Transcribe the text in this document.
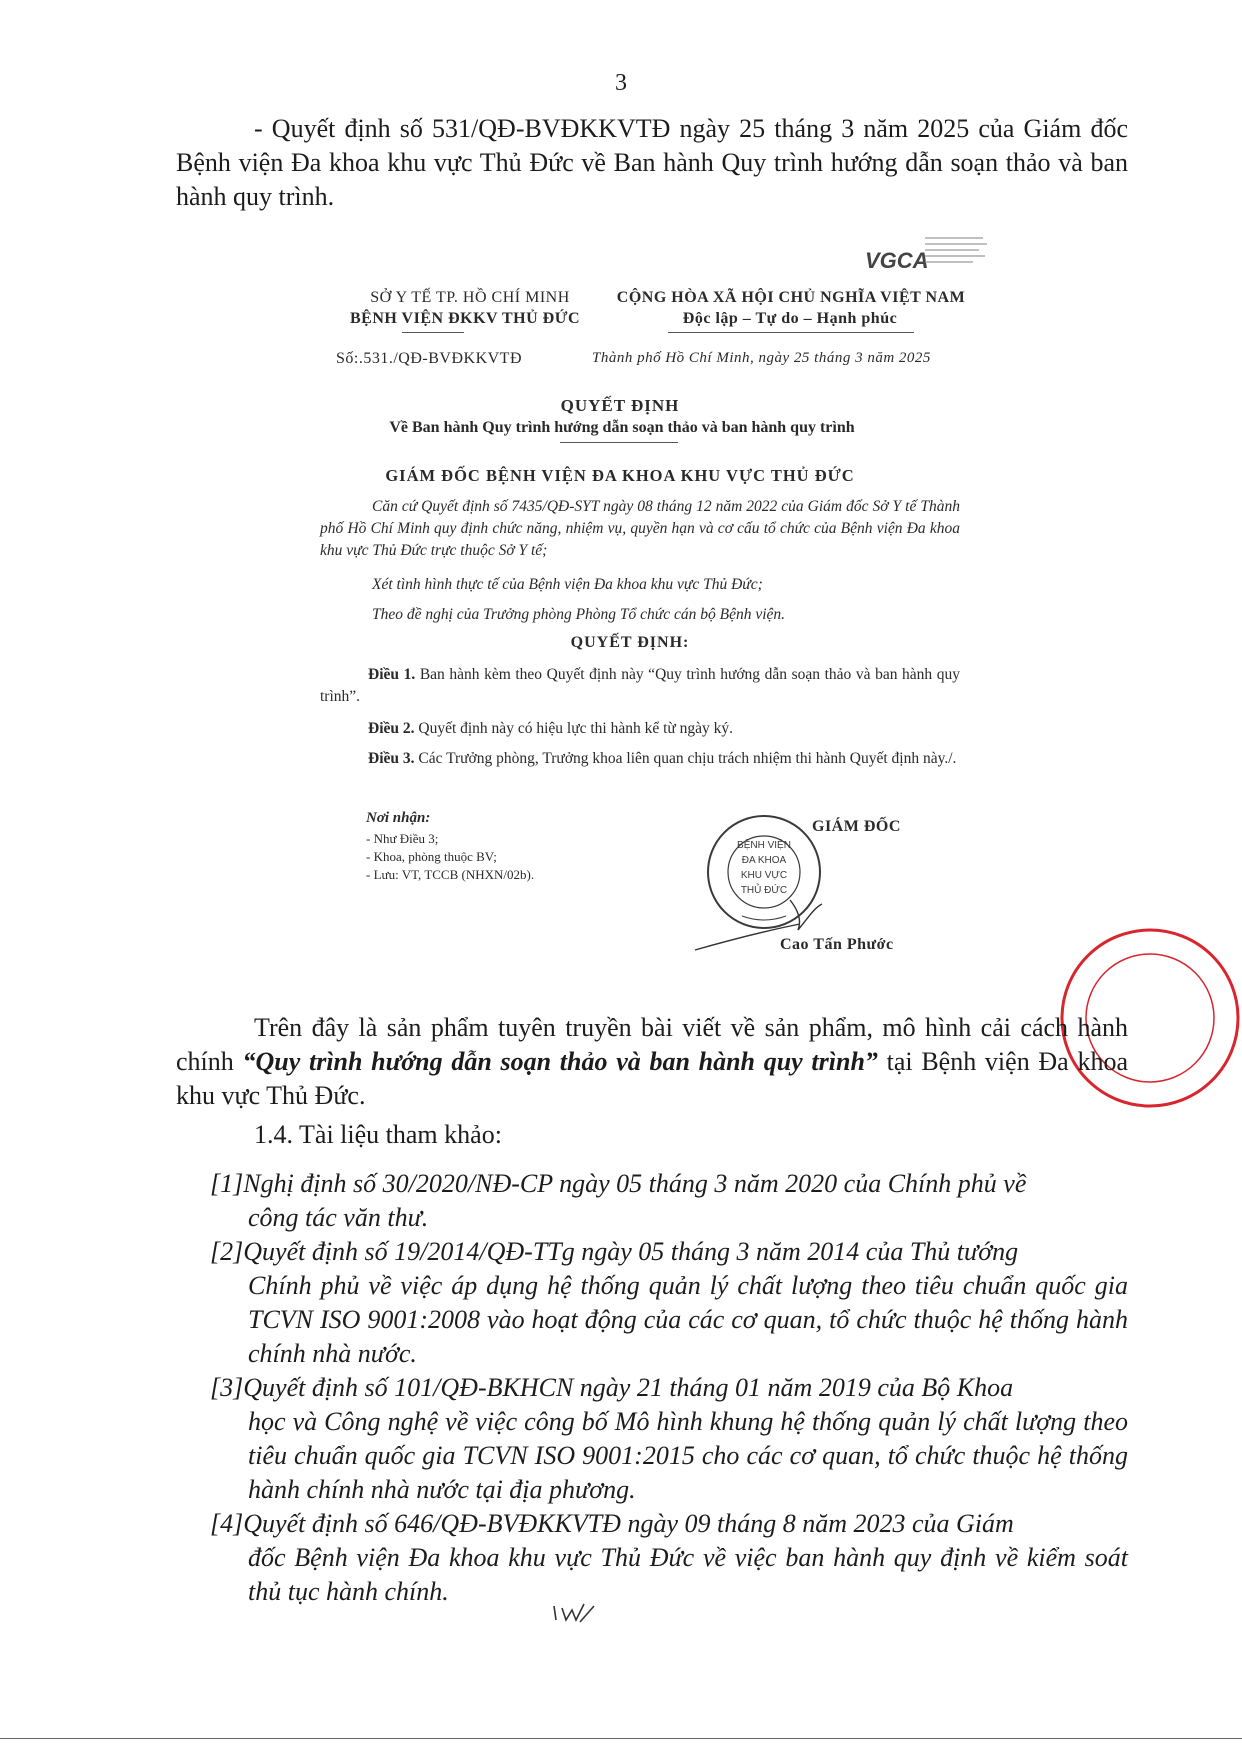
3
- Quyết định số 531/QĐ-BVĐKKVTĐ ngày 25 tháng 3 năm 2025 của Giám đốc Bệnh viện Đa khoa khu vực Thủ Đức về Ban hành Quy trình hướng dẫn soạn thảo và ban hành quy trình.
VGCA
SỞ Y TẾ TP. HỒ CHÍ MINH
BỆNH VIỆN ĐKKV THỦ ĐỨC
Số:.531./QĐ-BVĐKKVTĐ
CỘNG HÒA XÃ HỘI CHỦ NGHĨA VIỆT NAM
Độc lập – Tự do – Hạnh phúc
Thành phố Hồ Chí Minh, ngày 25 tháng 3 năm 2025
QUYẾT ĐỊNH
Về Ban hành Quy trình hướng dẫn soạn thảo và ban hành quy trình
GIÁM ĐỐC BỆNH VIỆN ĐA KHOA KHU VỰC THỦ ĐỨC
Căn cứ Quyết định số 7435/QĐ-SYT ngày 08 tháng 12 năm 2022 của Giám đốc Sở Y tế Thành phố Hồ Chí Minh quy định chức năng, nhiệm vụ, quyền hạn và cơ cấu tổ chức của Bệnh viện Đa khoa khu vực Thủ Đức trực thuộc Sở Y tế;
Xét tình hình thực tế của Bệnh viện Đa khoa khu vực Thủ Đức;
Theo đề nghị của Trưởng phòng Phòng Tổ chức cán bộ Bệnh viện.
QUYẾT ĐỊNH:
Điều 1. Ban hành kèm theo Quyết định này “Quy trình hướng dẫn soạn thảo và ban hành quy trình”.
Điều 2. Quyết định này có hiệu lực thi hành kể từ ngày ký.
Điều 3. Các Trưởng phòng, Trưởng khoa liên quan chịu trách nhiệm thi hành Quyết định này./.
Nơi nhận:
- Như Điều 3;
- Khoa, phòng thuộc BV;
- Lưu: VT, TCCB (NHXN/02b).
BỆNH VIỆN
ĐA KHOA
KHU VỰC
THỦ ĐỨC
GIÁM ĐỐC
Cao Tấn Phước
Trên đây là sản phẩm tuyên truyền bài viết về sản phẩm, mô hình cải cách hành chính “Quy trình hướng dẫn soạn thảo và ban hành quy trình” tại Bệnh viện Đa khoa khu vực Thủ Đức.
1.4. Tài liệu tham khảo:
[1]Nghị định số 30/2020/NĐ-CP ngày 05 tháng 3 năm 2020 của Chính phủ về
công tác văn thư.
[2]Quyết định số 19/2014/QĐ-TTg ngày 05 tháng 3 năm 2014 của Thủ tướng
Chính phủ về việc áp dụng hệ thống quản lý chất lượng theo tiêu chuẩn quốc gia TCVN ISO 9001:2008 vào hoạt động của các cơ quan, tổ chức thuộc hệ thống hành chính nhà nước.
[3]Quyết định số 101/QĐ-BKHCN ngày 21 tháng 01 năm 2019 của Bộ Khoa
học và Công nghệ về việc công bố Mô hình khung hệ thống quản lý chất lượng theo tiêu chuẩn quốc gia TCVN ISO 9001:2015 cho các cơ quan, tổ chức thuộc hệ thống hành chính nhà nước tại địa phương.
[4]Quyết định số 646/QĐ-BVĐKKVTĐ ngày 09 tháng 8 năm 2023 của Giám
đốc Bệnh viện Đa khoa khu vực Thủ Đức về việc ban hành quy định về kiểm soát thủ tục hành chính.
